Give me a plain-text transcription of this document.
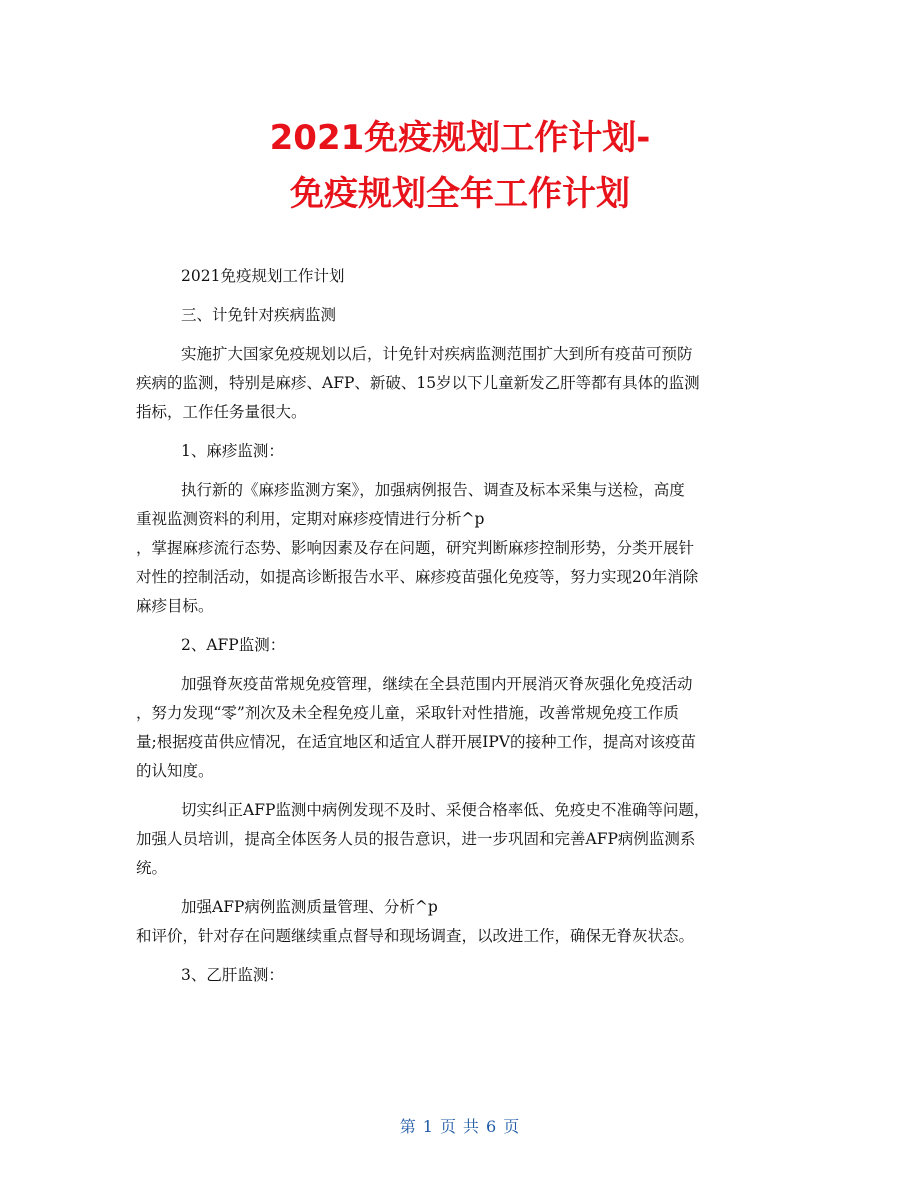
2021免疫规划工作计划-
免疫规划全年工作计划

2021免疫规划工作计划

三、计免针对疾病监测

实施扩大国家免疫规划以后，计免针对疾病监测范围扩大到所有疫苗可预防

疾病的监测，特别是麻疹、AFP、新破、15岁以下儿童新发乙肝等都有具体的监测

指标，工作任务量很大。

1、麻疹监测：

执行新的《麻疹监测方案》，加强病例报告、调查及标本采集与送检，高度

重视监测资料的利用，定期对麻疹疫情进行分析^p

，掌握麻疹流行态势、影响因素及存在问题，研究判断麻疹控制形势，分类开展针

对性的控制活动，如提高诊断报告水平、麻疹疫苗强化免疫等，努力实现20年消除

麻疹目标。

2、AFP监测：

加强脊灰疫苗常规免疫管理，继续在全县范围内开展消灭脊灰强化免疫活动

，努力发现“零”剂次及未全程免疫儿童，采取针对性措施，改善常规免疫工作质

量;根据疫苗供应情况，在适宜地区和适宜人群开展IPV的接种工作，提高对该疫苗

的认知度。

切实纠正AFP监测中病例发现不及时、采便合格率低、免疫史不准确等问题，

加强人员培训，提高全体医务人员的报告意识，进一步巩固和完善AFP病例监测系

统。

加强AFP病例监测质量管理、分析^p

和评价，针对存在问题继续重点督导和现场调查，以改进工作，确保无脊灰状态。

3、乙肝监测：

第 1 页 共 6 页
